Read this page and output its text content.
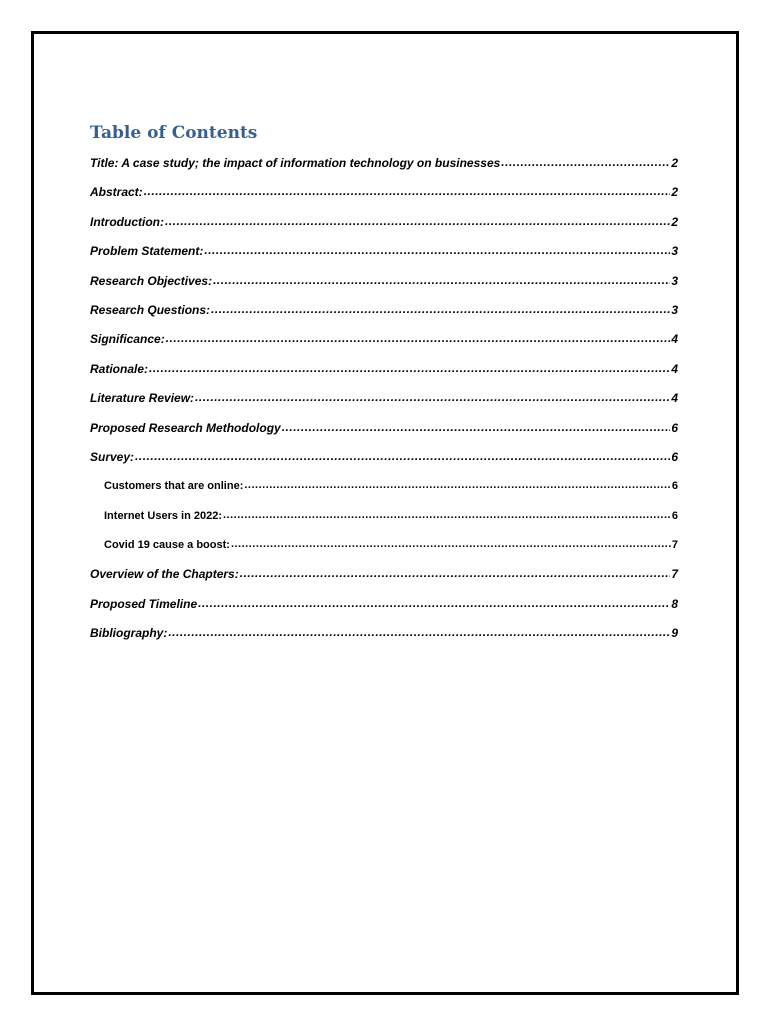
Table of Contents
Title: A case study; the impact of information technology on businesses .....	2
Abstract: .....	2
Introduction: .....	2
Problem Statement: .....	3
Research Objectives: .....	3
Research Questions: .....	3
Significance: .....	4
Rationale: .....	4
Literature Review: .....	4
Proposed Research Methodology .....	6
Survey: .....	6
Customers that are online: .....	6
Internet Users in 2022: .....	6
Covid 19 cause a boost: .....	7
Overview of the Chapters: .....	7
Proposed Timeline .....	8
Bibliography: .....	9
